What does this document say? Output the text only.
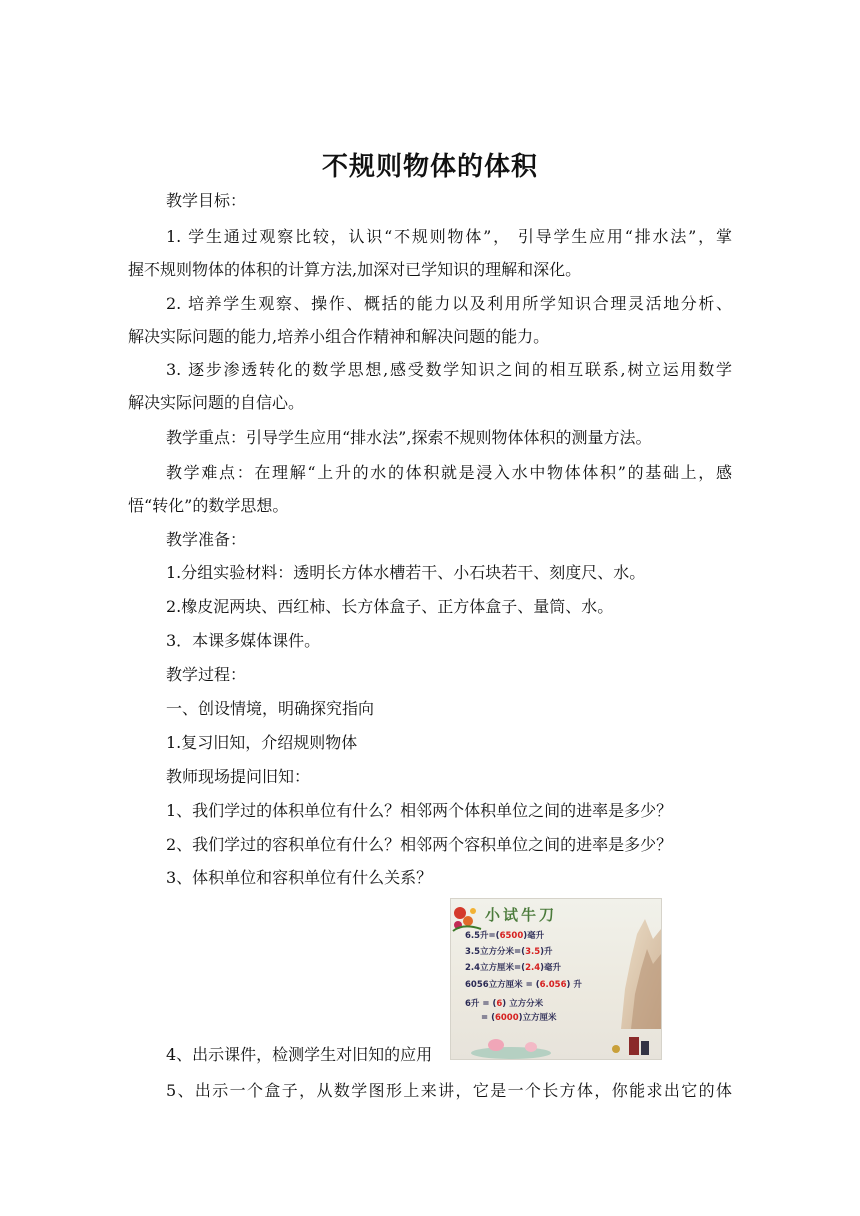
不规则物体的体积
教学目标：
1. 学生通过观察比较，认识“不规则物体”， 引导学生应用“排水法”，掌
握不规则物体的体积的计算方法,加深对已学知识的理解和深化。
2. 培养学生观察、操作、概括的能力以及利用所学知识合理灵活地分析、
解决实际问题的能力,培养小组合作精神和解决问题的能力。
3. 逐步渗透转化的数学思想,感受数学知识之间的相互联系,树立运用数学
解决实际问题的自信心。
教学重点：引导学生应用“排水法”,探索不规则物体体积的测量方法。
教学难点：在理解“上升的水的体积就是浸入水中物体体积”的基础上，感
悟“转化”的数学思想。
教学准备：
1.分组实验材料：透明长方体水槽若干、小石块若干、刻度尺、水。
2.橡皮泥两块、西红柿、长方体盒子、正方体盒子、量筒、水。
3．本课多媒体课件。
教学过程：
一、创设情境，明确探究指向
1.复习旧知，介绍规则物体
教师现场提问旧知：
1、我们学过的体积单位有什么？相邻两个体积单位之间的进率是多少？
2、我们学过的容积单位有什么？相邻两个容积单位之间的进率是多少？
3、体积单位和容积单位有什么关系？
4、出示课件，检测学生对旧知的应用
5、出示一个盒子，从数学图形上来讲，它是一个长方体，你能求出它的体
小试牛刀
6.5升=(6500)毫升
3.5立方分米=(3.5)升
2.4立方厘米=(2.4)毫升
6056立方厘米 = (6.056) 升
6升 = (6) 立方分米
= (6000)立方厘米
